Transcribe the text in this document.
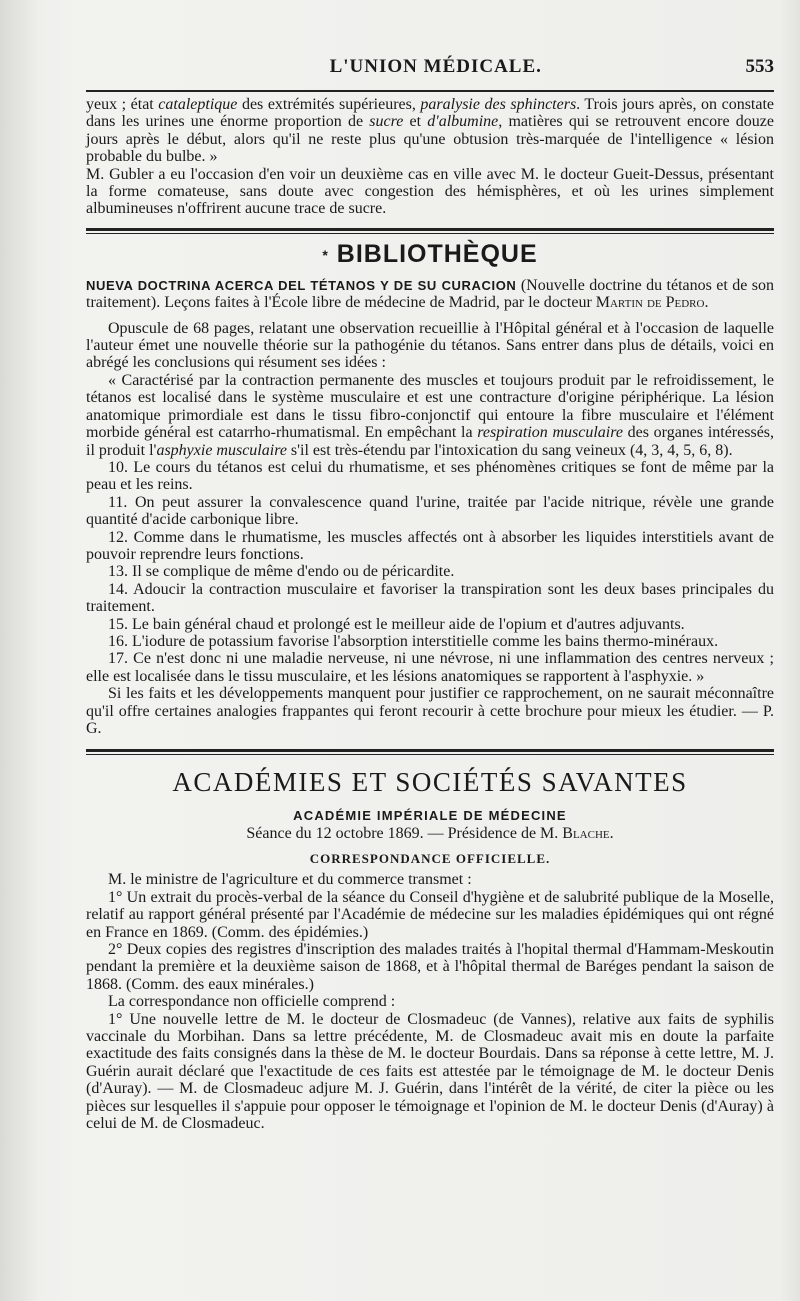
L'UNION MÉDICALE.	553

yeux ; état cataleptique des extrémités supérieures, paralysie des sphincters. Trois jours après, on constate dans les urines une énorme proportion de sucre et d'albumine, matières qui se retrouvent encore douze jours après le début, alors qu'il ne reste plus qu'une obtusion très-marquée de l'intelligence « lésion probable du bulbe. »

M. Gubler a eu l'occasion d'en voir un deuxième cas en ville avec M. le docteur Gueit-Dessus, présentant la forme comateuse, sans doute avec congestion des hémisphères, et où les urines simplement albumineuses n'offrirent aucune trace de sucre.

* BIBLIOTHÈQUE

NUEVA DOCTRINA ACERCA DEL TÉTANOS Y DE SU CURACION (Nouvelle doctrine du tétanos et de son traitement). Leçons faites à l'École libre de médecine de Madrid, par le docteur Martin de Pedro.

Opuscule de 68 pages, relatant une observation recueillie à l'Hôpital général et à l'occasion de laquelle l'auteur émet une nouvelle théorie sur la pathogénie du tétanos. Sans entrer dans plus de détails, voici en abrégé les conclusions qui résument ses idées :

« Caractérisé par la contraction permanente des muscles et toujours produit par le refroidissement, le tétanos est localisé dans le système musculaire et est une contracture d'origine périphérique. La lésion anatomique primordiale est dans le tissu fibro-conjonctif qui entoure la fibre musculaire et l'élément morbide général est catarrho-rhumatismal. En empêchant la respiration musculaire des organes intéressés, il produit l'asphyxie musculaire s'il est très-étendu par l'intoxication du sang veineux (4, 3, 4, 5, 6, 8).

10. Le cours du tétanos est celui du rhumatisme, et ses phénomènes critiques se font de même par la peau et les reins.

11. On peut assurer la convalescence quand l'urine, traitée par l'acide nitrique, révèle une grande quantité d'acide carbonique libre.

12. Comme dans le rhumatisme, les muscles affectés ont à absorber les liquides interstitiels avant de pouvoir reprendre leurs fonctions.

13. Il se complique de même d'endo ou de péricardite.

14. Adoucir la contraction musculaire et favoriser la transpiration sont les deux bases principales du traitement.

15. Le bain général chaud et prolongé est le meilleur aide de l'opium et d'autres adjuvants.

16. L'iodure de potassium favorise l'absorption interstitielle comme les bains thermo-minéraux.

17. Ce n'est donc ni une maladie nerveuse, ni une névrose, ni une inflammation des centres nerveux ; elle est localisée dans le tissu musculaire, et les lésions anatomiques se rapportent à l'asphyxie. »

Si les faits et les développements manquent pour justifier ce rapprochement, on ne saurait méconnaître qu'il offre certaines analogies frappantes qui feront recourir à cette brochure pour mieux les étudier. — P. G.

ACADÉMIES ET SOCIÉTÉS SAVANTES
ACADÉMIE IMPÉRIALE DE MÉDECINE
Séance du 12 octobre 1869. — Présidence de M. Blache.
CORRESPONDANCE OFFICIELLE.

M. le ministre de l'agriculture et du commerce transmet :

1° Un extrait du procès-verbal de la séance du Conseil d'hygiène et de salubrité publique de la Moselle, relatif au rapport général présenté par l'Académie de médecine sur les maladies épidémiques qui ont régné en France en 1869. (Comm. des épidémies.)

2° Deux copies des registres d'inscription des malades traités à l'hopital thermal d'Hammam-Meskoutin pendant la première et la deuxième saison de 1868, et à l'hôpital thermal de Baréges pendant la saison de 1868. (Comm. des eaux minérales.)

La correspondance non officielle comprend :

1° Une nouvelle lettre de M. le docteur de Closmadeuc (de Vannes), relative aux faits de syphilis vaccinale du Morbihan. Dans sa lettre précédente, M. de Closmadeuc avait mis en doute la parfaite exactitude des faits consignés dans la thèse de M. le docteur Bourdais. Dans sa réponse à cette lettre, M. J. Guérin aurait déclaré que l'exactitude de ces faits est attestée par le témoignage de M. le docteur Denis (d'Auray). — M. de Closmadeuc adjure M. J. Guérin, dans l'intérêt de la vérité, de citer la pièce ou les pièces sur lesquelles il s'appuie pour opposer le témoignage et l'opinion de M. le docteur Denis (d'Auray) à celui de M. de Closmadeuc.
